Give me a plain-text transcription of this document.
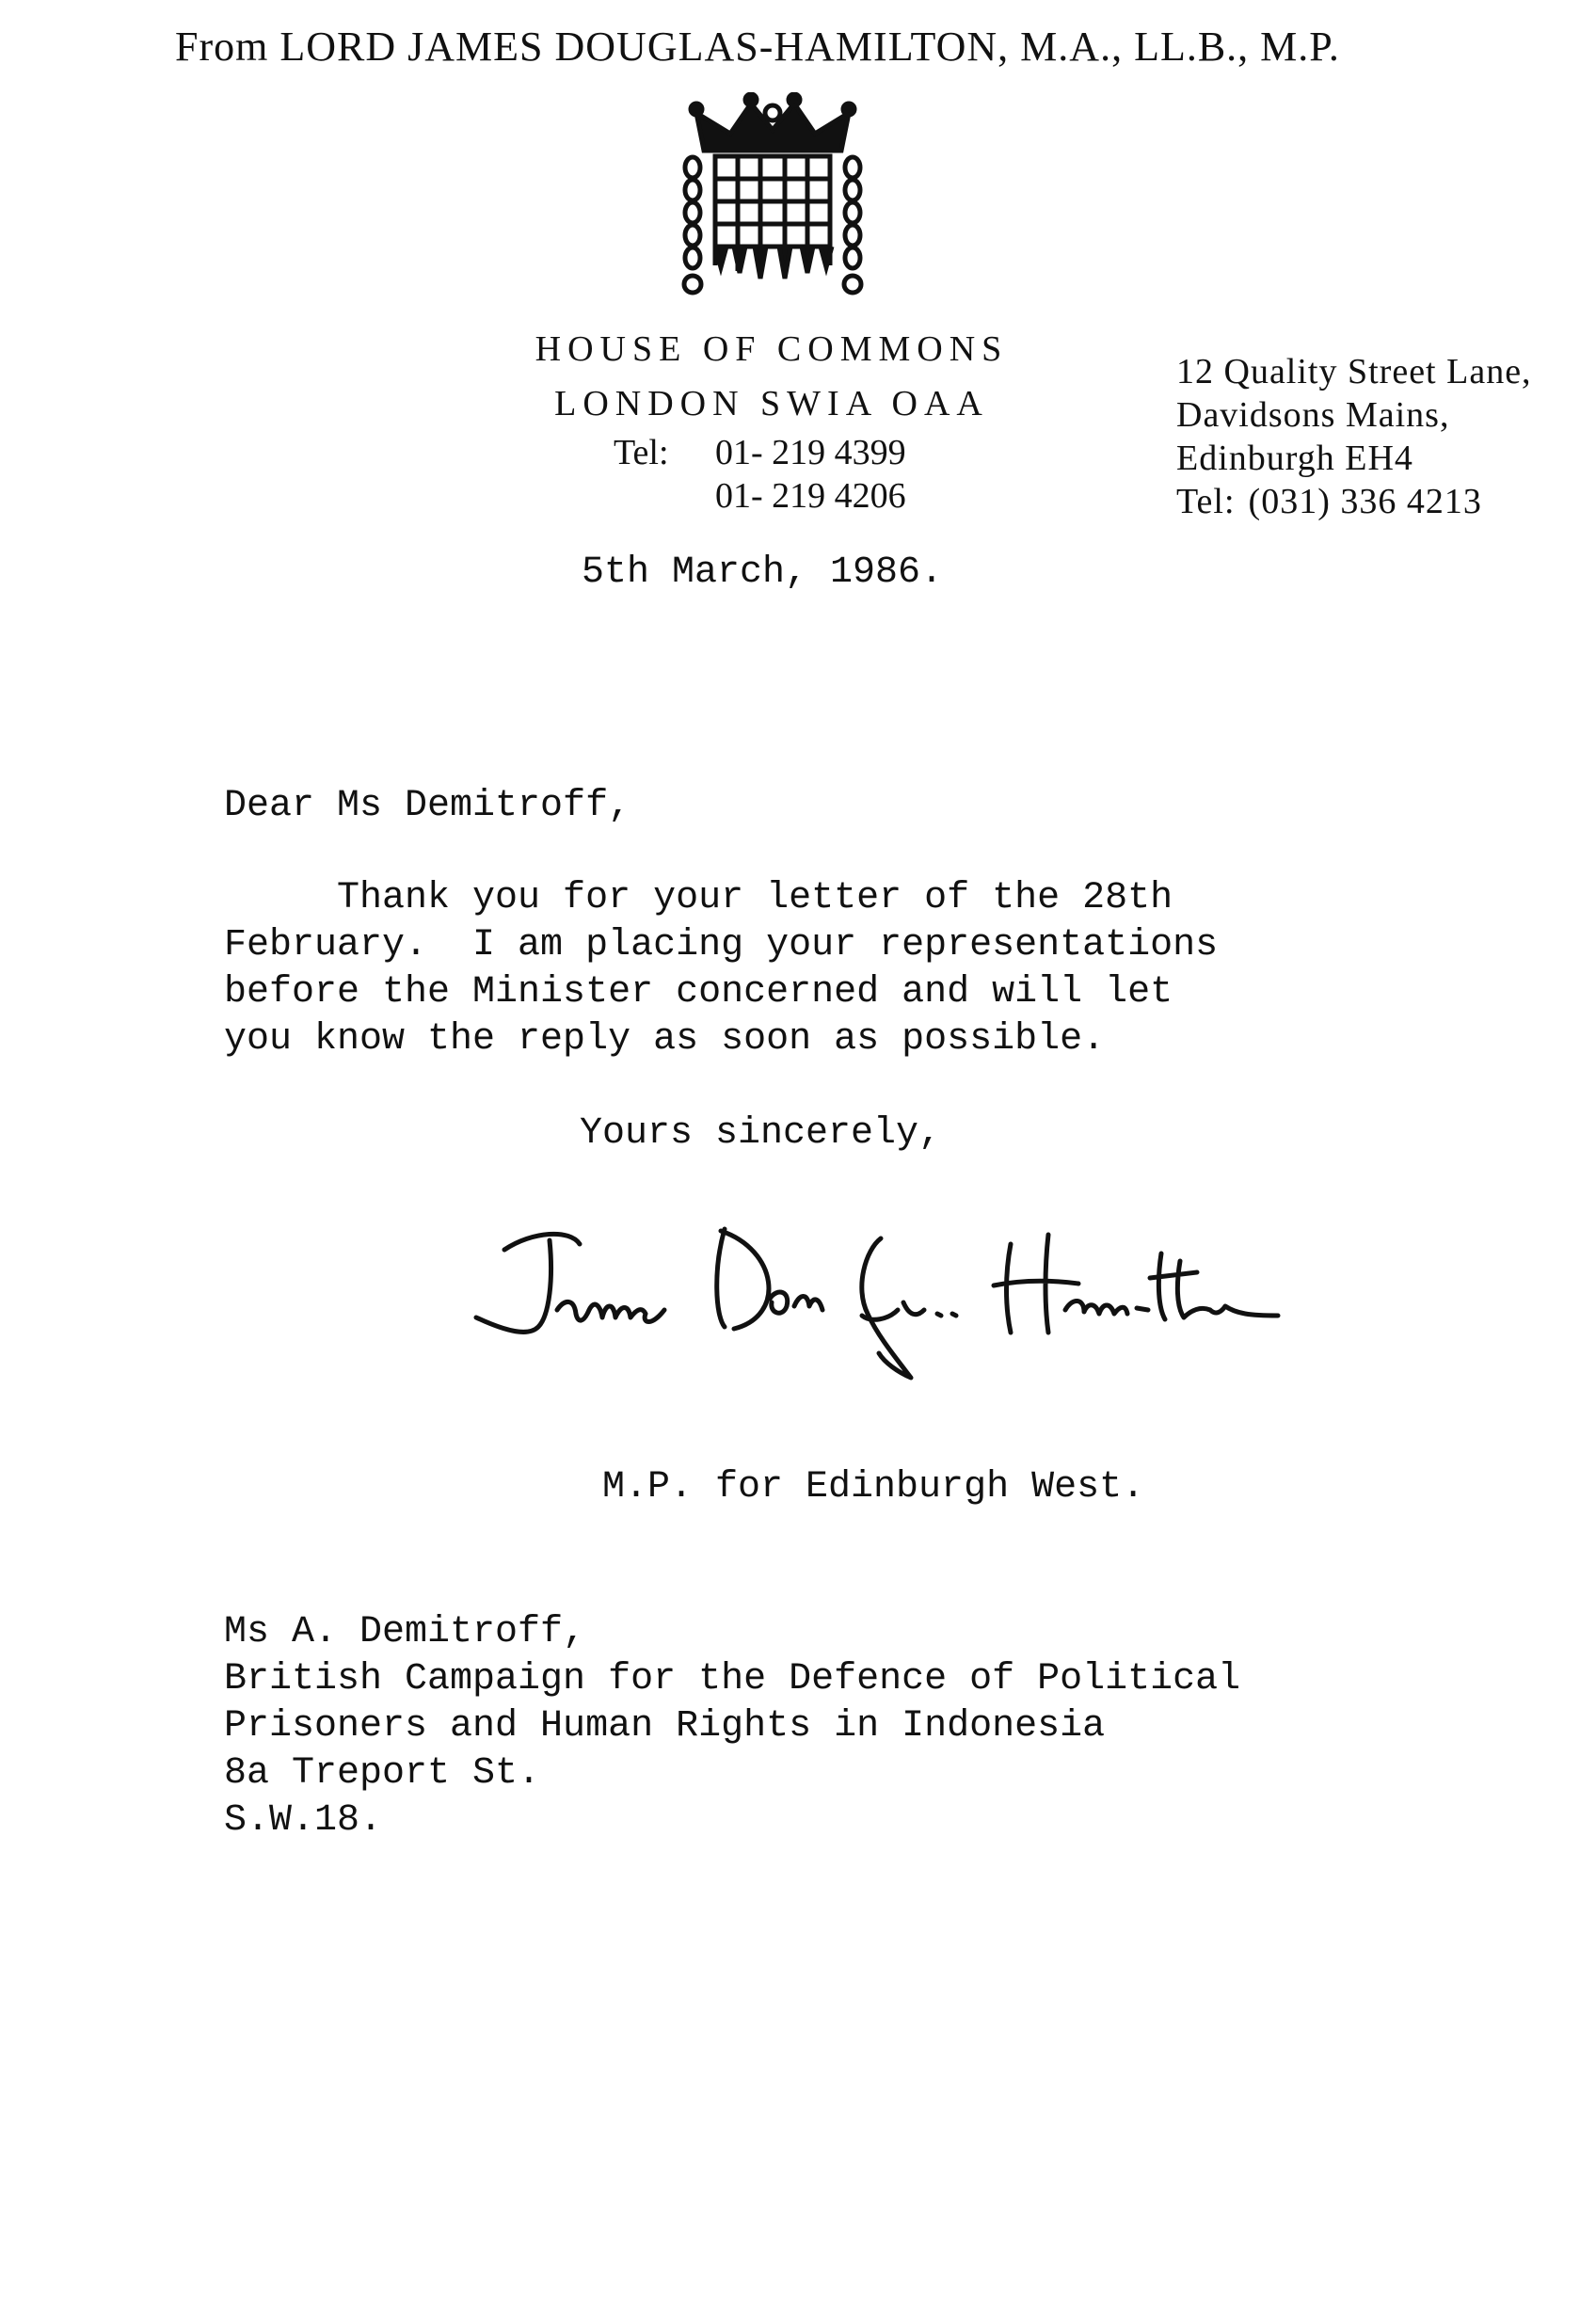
From LORD JAMES DOUGLAS-HAMILTON, M.A., LL.B., M.P.
HOUSE OF COMMONS
LONDON SWIA OAA
Tel: 01- 219 4399
01- 219 4206
12 Quality Street Lane,
Davidsons Mains,
Edinburgh EH4
Tel: (031) 336 4213
5th March, 1986.
Dear Ms Demitroff,
Thank you for your letter of the 28th
February.  I am placing your representations
before the Minister concerned and will let
you know the reply as soon as possible.
Yours sincerely,
M.P. for Edinburgh West.
Ms A. Demitroff,
British Campaign for the Defence of Political
Prisoners and Human Rights in Indonesia
8a Treport St.
S.W.18.
